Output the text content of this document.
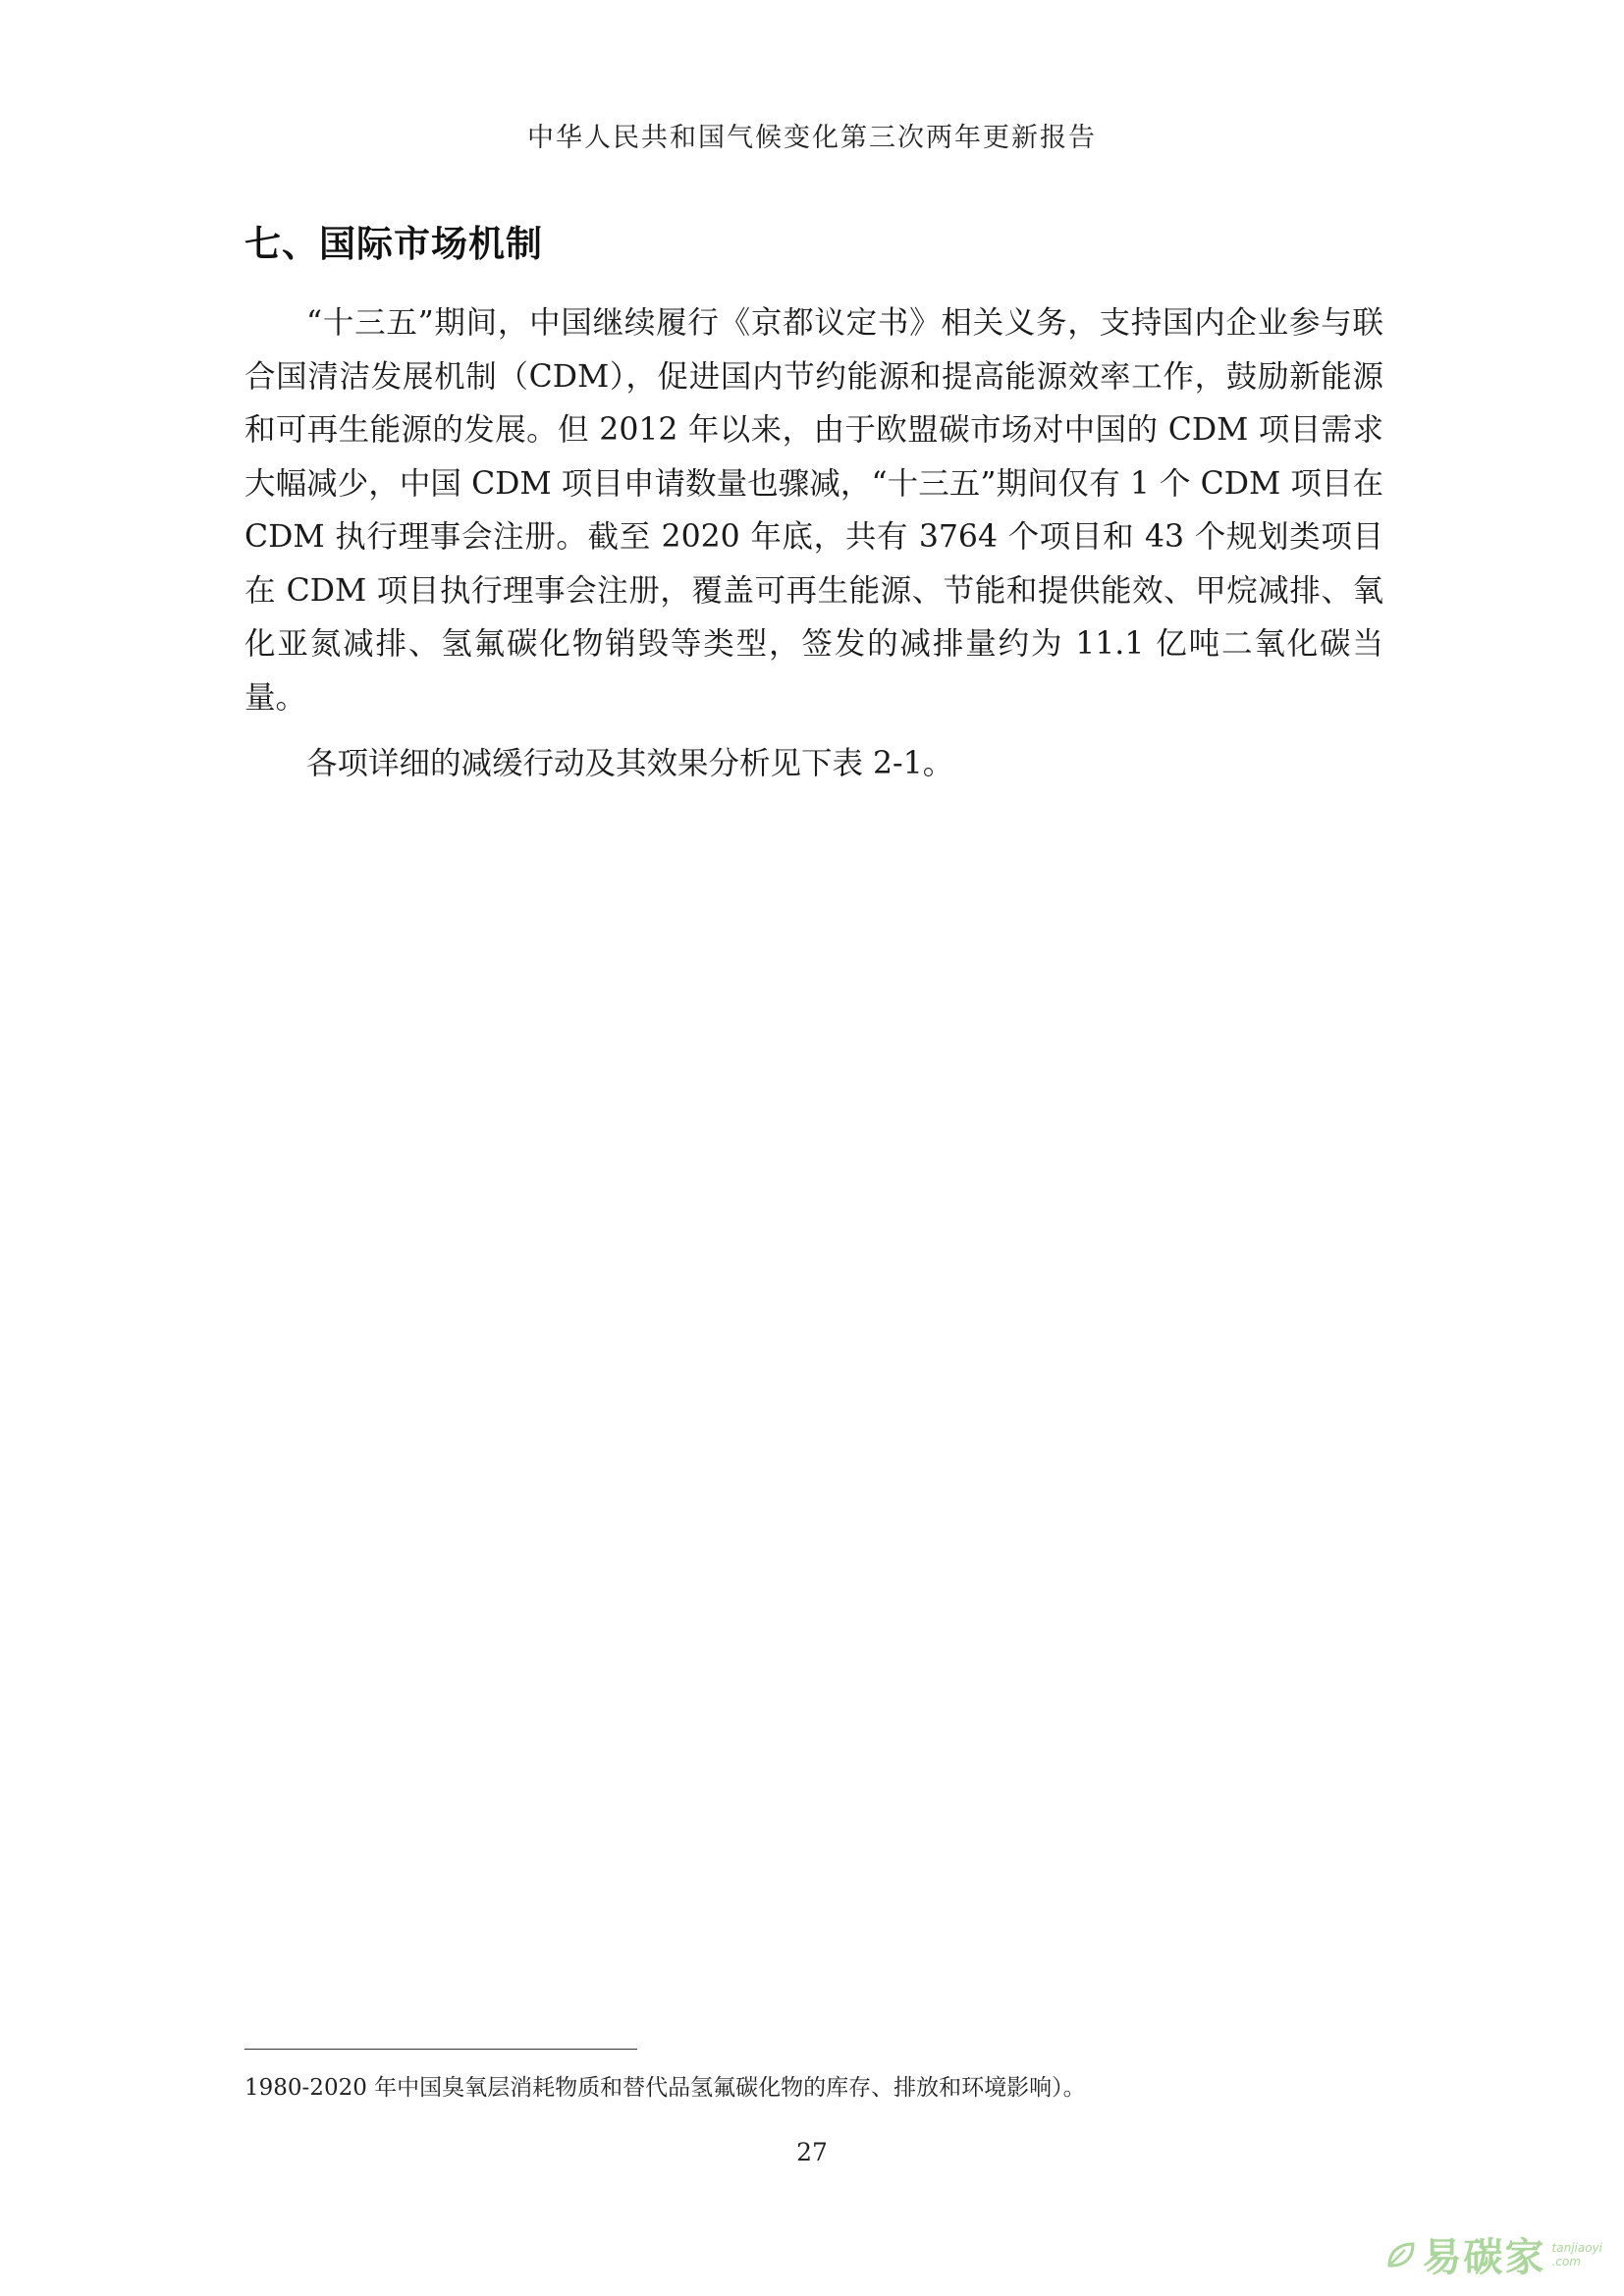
中华人民共和国气候变化第三次两年更新报告
七、国际市场机制

“十三五”期间，中国继续履行《京都议定书》相关义务，支持国内企业参与联合国清洁发展机制（CDM），促进国内节约能源和提高能源效率工作，鼓励新能源和可再生能源的发展。但 2012 年以来，由于欧盟碳市场对中国的 CDM 项目需求大幅减少，中国 CDM 项目申请数量也骤减，“十三五”期间仅有 1 个 CDM 项目在 CDM 执行理事会注册。截至 2020 年底，共有 3764 个项目和 43 个规划类项目在 CDM 项目执行理事会注册，覆盖可再生能源、节能和提供能效、甲烷减排、氧化亚氮减排、氢氟碳化物销毁等类型，签发的减排量约为 11.1 亿吨二氧化碳当量。

各项详细的减缓行动及其效果分析见下表 2-1。

1980-2020 年中国臭氧层消耗物质和替代品氢氟碳化物的库存、排放和环境影响）。
27
易碳家 tanjiaoyi
.com
